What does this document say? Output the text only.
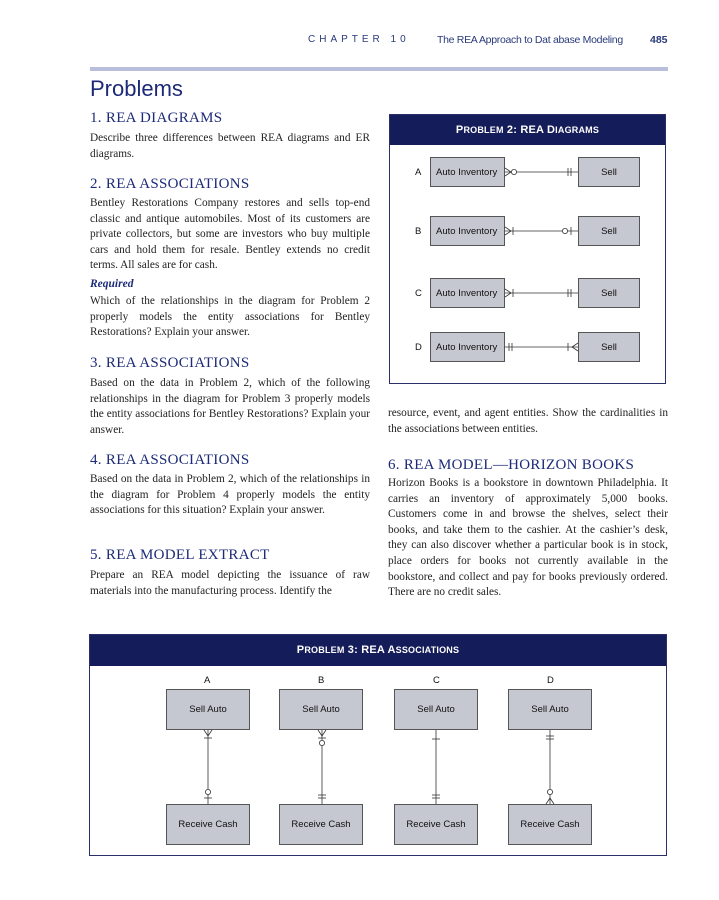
CHAPTER 10	The REA Approach to Dat abase Modeling	485
Problems
1. REA DIAGRAMS
Describe three differences between REA diagrams and ER diagrams.
2. REA ASSOCIATIONS
Bentley Restorations Company restores and sells top-end classic and antique automobiles. Most of its customers are private collectors, but some are investors who buy multiple cars and hold them for resale. Bentley extends no credit terms. All sales are for cash.
Required
Which of the relationships in the diagram for Problem 2 properly models the entity associations for Bentley Restorations? Explain your answer.
3. REA ASSOCIATIONS
Based on the data in Problem 2, which of the following relationships in the diagram for Problem 3 properly models the entity associations for Bentley Restorations? Explain your answer.
4. REA ASSOCIATIONS
Based on the data in Problem 2, which of the relationships in the diagram for Problem 4 properly models the entity associations for this situation? Explain your answer.
5. REA MODEL EXTRACT
Prepare an REA model depicting the issuance of raw materials into the manufacturing process. Identify the
resource, event, and agent entities. Show the cardinalities in the associations between entities.
6. REA MODEL—HORIZON BOOKS
Horizon Books is a bookstore in downtown Philadelphia. It carries an inventory of approximately 5,000 books. Customers come in and browse the shelves, select their books, and take them to the cashier. At the cashier’s desk, they can also discover whether a particular book is in stock, place orders for books not currently available in the bookstore, and collect and pay for books previously ordered. There are no credit sales.
PROBLEM 2: REA DIAGRAMS
A	Auto Inventory	Sell
B	Auto Inventory	Sell
C	Auto Inventory	Sell
D	Auto Inventory	Sell
PROBLEM 3: REA ASSOCIATIONS
A	B	C	D
Sell Auto	Sell Auto	Sell Auto	Sell Auto
Receive Cash	Receive Cash	Receive Cash	Receive Cash
